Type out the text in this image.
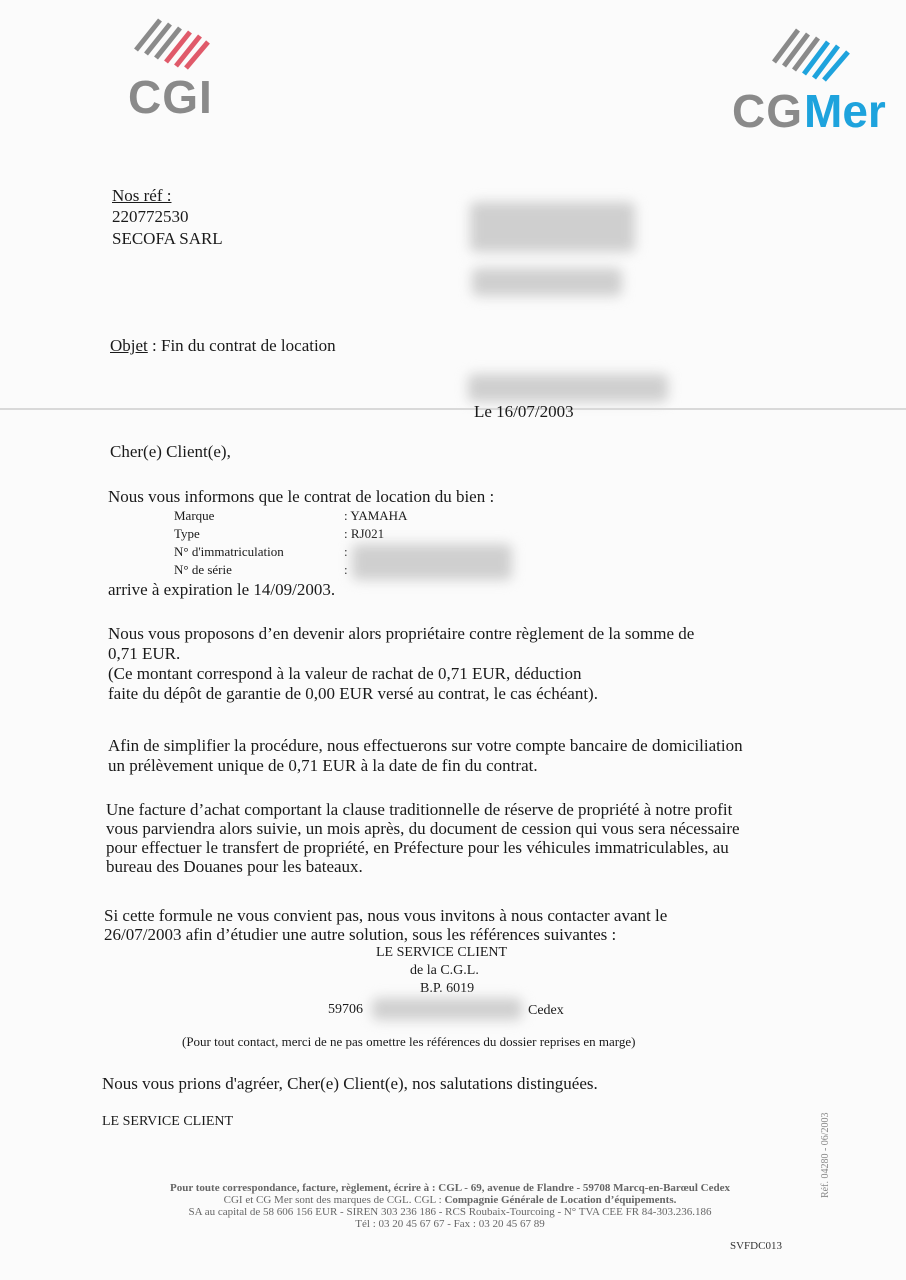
CGI	CG Mer
Nos réf :
220772530
SECOFA SARL
Objet : Fin du contrat de location
Le 16/07/2003
Cher(e) Client(e),
Nous vous informons que le contrat de location du bien :
Marque	: YAMAHA
Type	: RJ021
N° d'immatriculation	:
N° de série	:
arrive à expiration le 14/09/2003.
Nous vous proposons d’en devenir alors propriétaire contre règlement de la somme de
0,71 EUR.
(Ce montant correspond à la valeur de rachat de 0,71 EUR, déduction
faite du dépôt de garantie de 0,00 EUR versé au contrat, le cas échéant).
Afin de simplifier la procédure, nous effectuerons sur votre compte bancaire de domiciliation
un prélèvement unique de 0,71 EUR à la date de fin du contrat.
Une facture d’achat comportant la clause traditionnelle de réserve de propriété à notre profit
vous parviendra alors suivie, un mois après, du document de cession qui vous sera nécessaire
pour effectuer le transfert de propriété, en Préfecture pour les véhicules immatriculables, au
bureau des Douanes pour les bateaux.
Si cette formule ne vous convient pas, nous vous invitons à nous contacter avant le
26/07/2003 afin d’étudier une autre solution, sous les références suivantes :
LE SERVICE CLIENT
de la C.G.L.
B.P. 6019
59706	Cedex
(Pour tout contact, merci de ne pas omettre les références du dossier reprises en marge)
Nous vous prions d'agréer, Cher(e) Client(e), nos salutations distinguées.
LE SERVICE CLIENT
Pour toute correspondance, facture, règlement, écrire à : CGL - 69, avenue de Flandre - 59708 Marcq-en-Barœul Cedex
CGI et CG Mer sont des marques de CGL. CGL : Compagnie Générale de Location d’équipements.
SA au capital de 58 606 156 EUR - SIREN 303 236 186 - RCS Roubaix-Tourcoing - N° TVA CEE FR 84-303.236.186
Tél : 03 20 45 67 67 - Fax : 03 20 45 67 89
SVFDC013
Réf. 04280 - 06/2003
